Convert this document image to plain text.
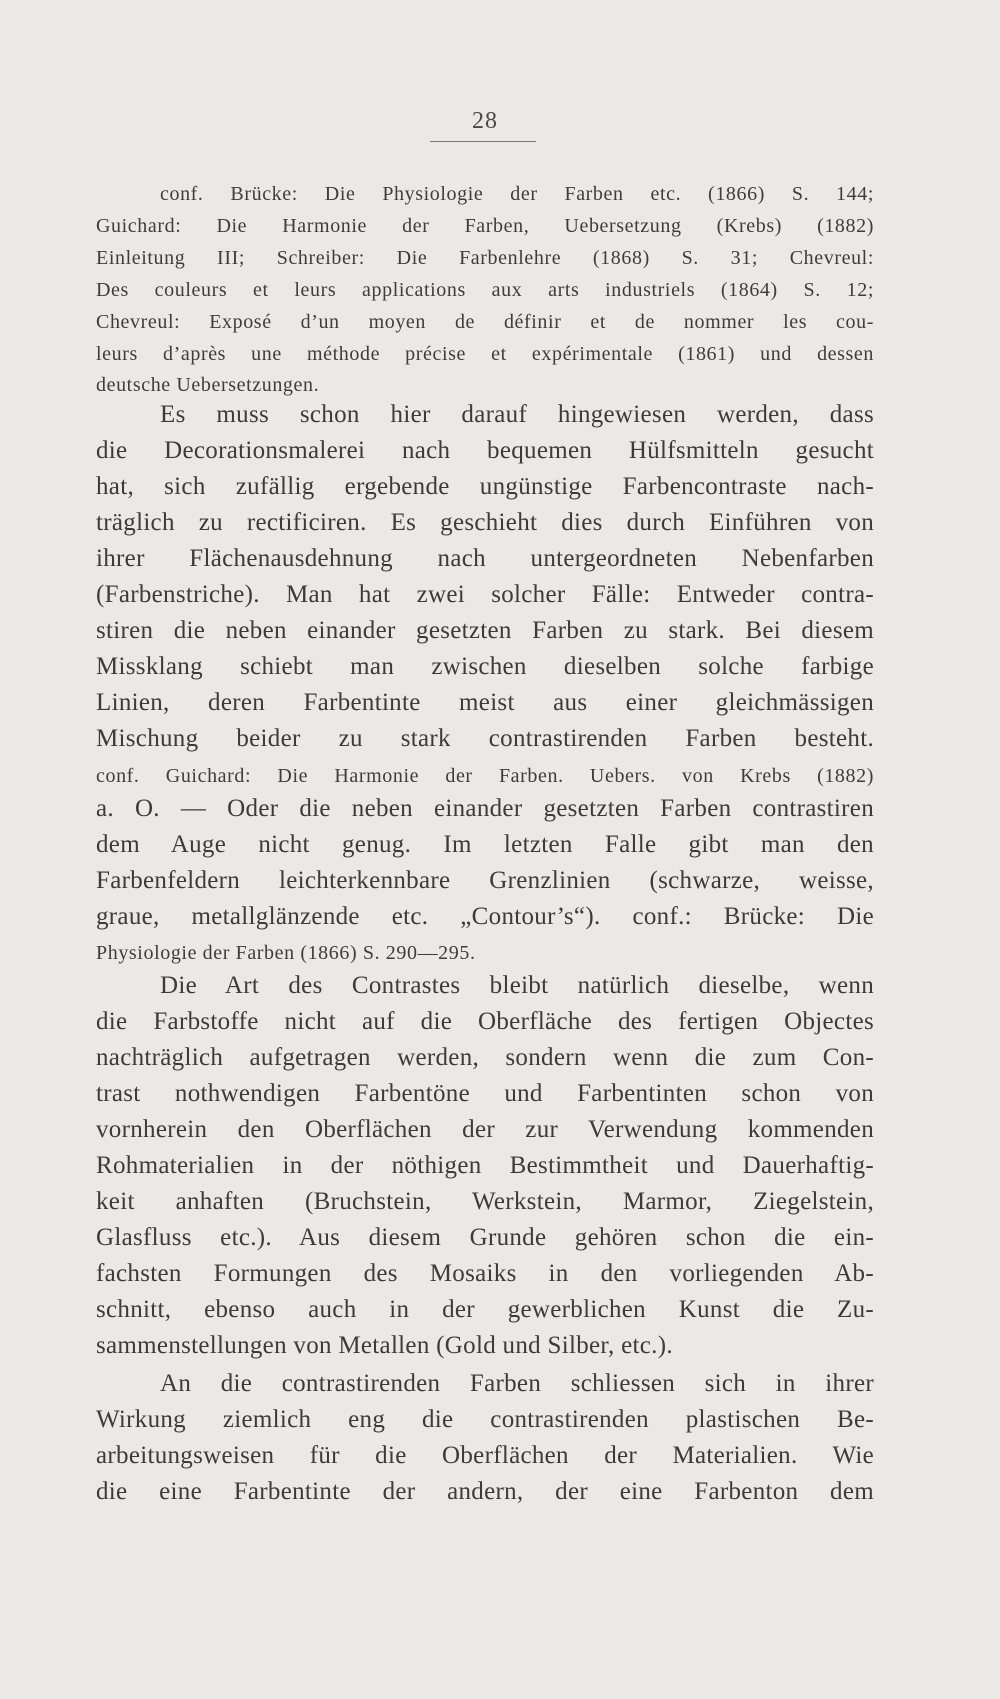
28
conf. Brücke: Die Physiologie der Farben etc. (1866) S. 144;
Guichard: Die Harmonie der Farben, Uebersetzung (Krebs) (1882)
Einleitung III; Schreiber: Die Farbenlehre (1868) S. 31; Chevreul:
Des couleurs et leurs applications aux arts industriels (1864) S. 12;
Chevreul: Exposé d’un moyen de définir et de nommer les cou-
leurs d’après une méthode précise et expérimentale (1861) und dessen
deutsche Uebersetzungen.
Es muss schon hier darauf hingewiesen werden, dass
die Decorationsmalerei nach bequemen Hülfsmitteln gesucht
hat, sich zufällig ergebende ungünstige Farbencontraste nach-
träglich zu rectificiren. Es geschieht dies durch Einführen von
ihrer Flächenausdehnung nach untergeordneten Nebenfarben
(Farbenstriche). Man hat zwei solcher Fälle: Entweder contra-
stiren die neben einander gesetzten Farben zu stark. Bei diesem
Missklang schiebt man zwischen dieselben solche farbige
Linien, deren Farbentinte meist aus einer gleichmässigen
Mischung beider zu stark contrastirenden Farben besteht.
conf. Guichard: Die Harmonie der Farben. Uebers. von Krebs (1882)
a. O. — Oder die neben einander gesetzten Farben contrastiren
dem Auge nicht genug. Im letzten Falle gibt man den
Farbenfeldern leichterkennbare Grenzlinien (schwarze, weisse,
graue, metallglänzende etc. „Contour’s“). conf.: Brücke: Die
Physiologie der Farben (1866) S. 290—295.
Die Art des Contrastes bleibt natürlich dieselbe, wenn
die Farbstoffe nicht auf die Oberfläche des fertigen Objectes
nachträglich aufgetragen werden, sondern wenn die zum Con-
trast nothwendigen Farbentöne und Farbentinten schon von
vornherein den Oberflächen der zur Verwendung kommenden
Rohmaterialien in der nöthigen Bestimmtheit und Dauerhaftig-
keit anhaften (Bruchstein, Werkstein, Marmor, Ziegelstein,
Glasfluss etc.). Aus diesem Grunde gehören schon die ein-
fachsten Formungen des Mosaiks in den vorliegenden Ab-
schnitt, ebenso auch in der gewerblichen Kunst die Zu-
sammenstellungen von Metallen (Gold und Silber, etc.).
An die contrastirenden Farben schliessen sich in ihrer
Wirkung ziemlich eng die contrastirenden plastischen Be-
arbeitungsweisen für die Oberflächen der Materialien. Wie
die eine Farbentinte der andern, der eine Farbenton dem
